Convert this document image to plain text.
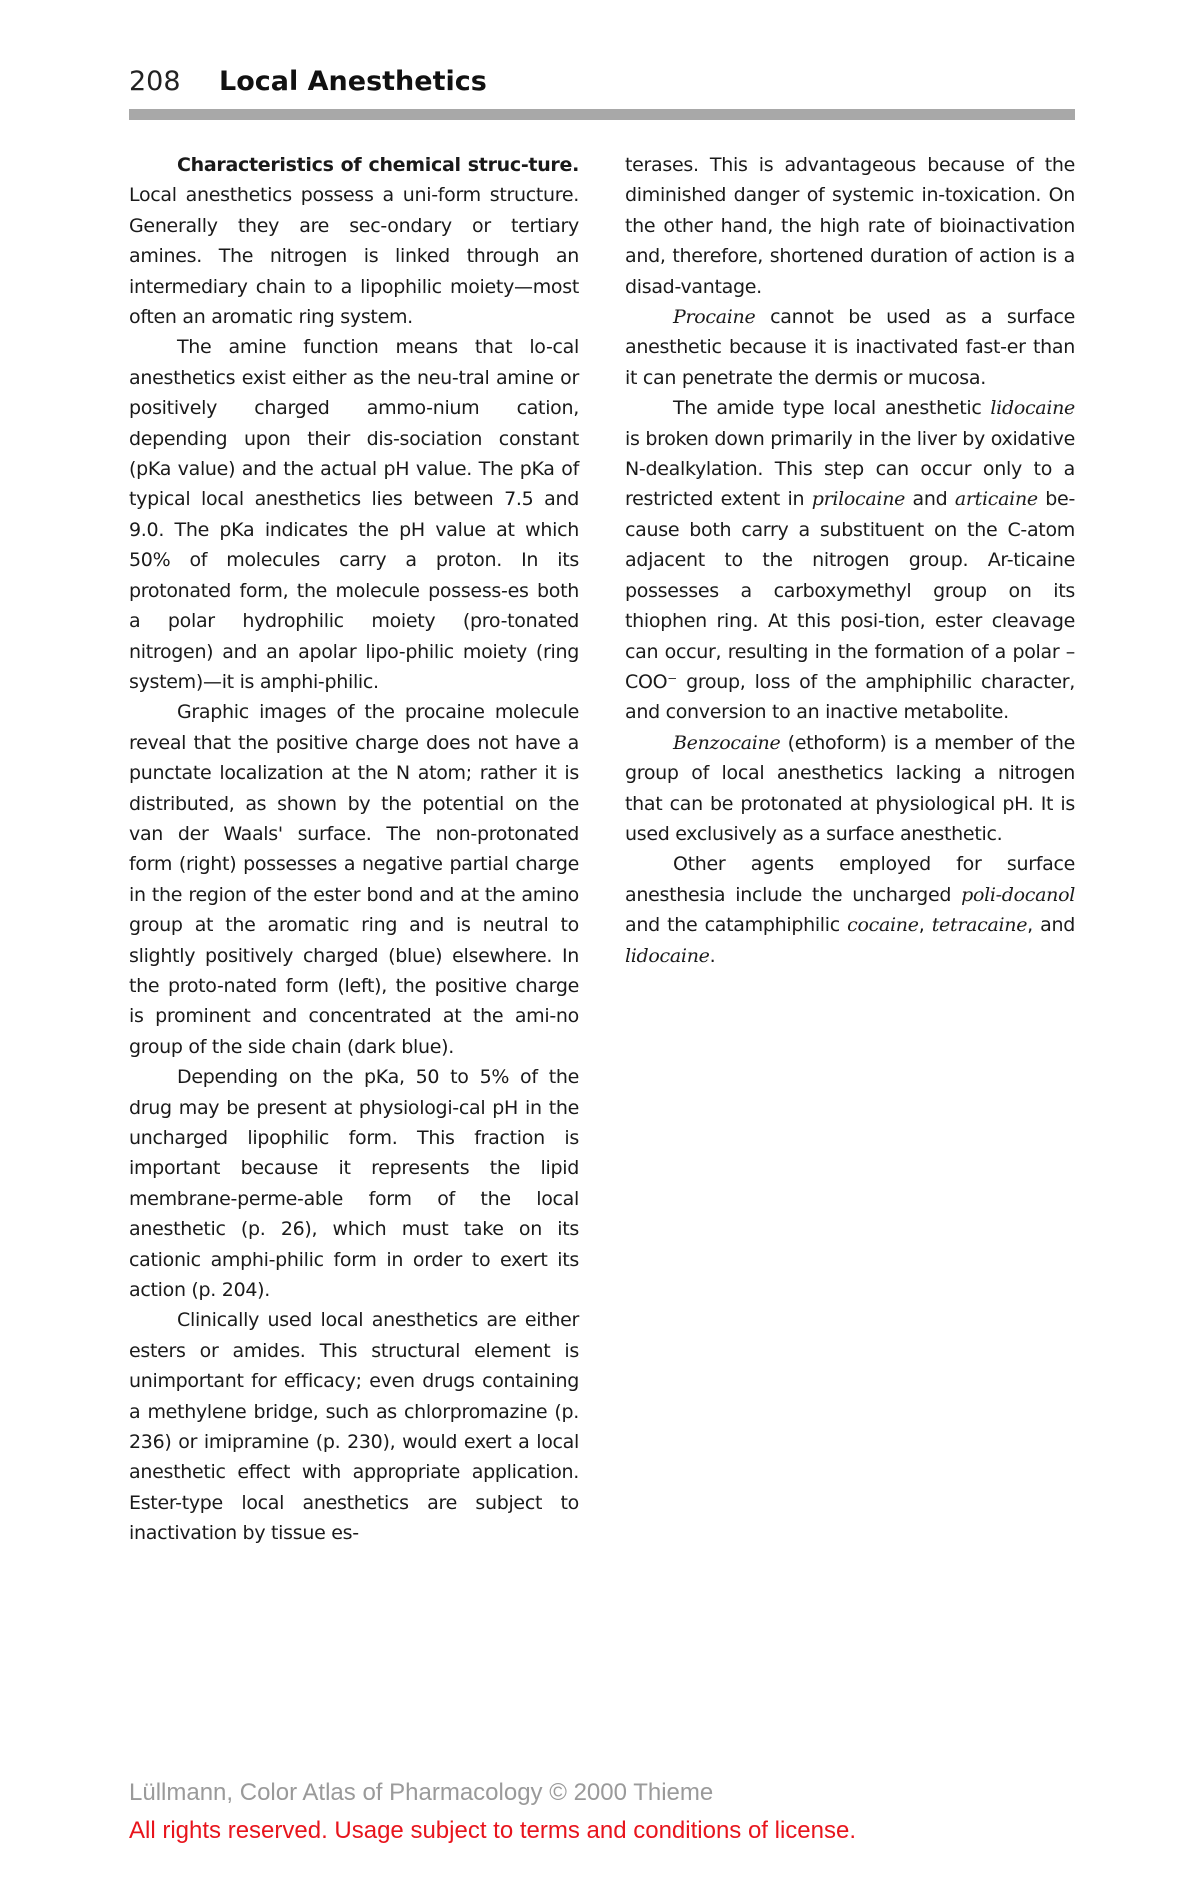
208 Local Anesthetics

Characteristics of chemical struc-ture. Local anesthetics possess a uni-form structure. Generally they are sec-ondary or tertiary amines. The nitrogen is linked through an intermediary chain to a lipophilic moiety—most often an aromatic ring system.

The amine function means that lo-cal anesthetics exist either as the neu-tral amine or positively charged ammo-nium cation, depending upon their dis-sociation constant (pKa value) and the actual pH value. The pKa of typical local anesthetics lies between 7.5 and 9.0. The pKa indicates the pH value at which 50% of molecules carry a proton. In its protonated form, the molecule possess-es both a polar hydrophilic moiety (pro-tonated nitrogen) and an apolar lipo-philic moiety (ring system)—it is amphi-philic.

Graphic images of the procaine molecule reveal that the positive charge does not have a punctate localization at the N atom; rather it is distributed, as shown by the potential on the van der Waals' surface. The non-protonated form (right) possesses a negative partial charge in the region of the ester bond and at the amino group at the aromatic ring and is neutral to slightly positively charged (blue) elsewhere. In the proto-nated form (left), the positive charge is prominent and concentrated at the ami-no group of the side chain (dark blue).

Depending on the pKa, 50 to 5% of the drug may be present at physiologi-cal pH in the uncharged lipophilic form. This fraction is important because it represents the lipid membrane-perme-able form of the local anesthetic (p. 26), which must take on its cationic amphi-philic form in order to exert its action (p. 204).

Clinically used local anesthetics are either esters or amides. This structural element is unimportant for efficacy; even drugs containing a methylene bridge, such as chlorpromazine (p. 236) or imipramine (p. 230), would exert a local anesthetic effect with appropriate application. Ester-type local anesthetics are subject to inactivation by tissue es-

terases. This is advantageous because of the diminished danger of systemic in-toxication. On the other hand, the high rate of bioinactivation and, therefore, shortened duration of action is a disad-vantage.

Procaine cannot be used as a surface anesthetic because it is inactivated fast-er than it can penetrate the dermis or mucosa.

The amide type local anesthetic lidocaine is broken down primarily in the liver by oxidative N-dealkylation. This step can occur only to a restricted extent in prilocaine and articaine be-cause both carry a substituent on the C-atom adjacent to the nitrogen group. Ar-ticaine possesses a carboxymethyl group on its thiophen ring. At this posi-tion, ester cleavage can occur, resulting in the formation of a polar –COO⁻ group, loss of the amphiphilic character, and conversion to an inactive metabolite.

Benzocaine (ethoform) is a member of the group of local anesthetics lacking a nitrogen that can be protonated at physiological pH. It is used exclusively as a surface anesthetic.

Other agents employed for surface anesthesia include the uncharged poli-docanol and the catamphiphilic cocaine, tetracaine, and lidocaine.

Lüllmann, Color Atlas of Pharmacology © 2000 Thieme
All rights reserved. Usage subject to terms and conditions of license.
